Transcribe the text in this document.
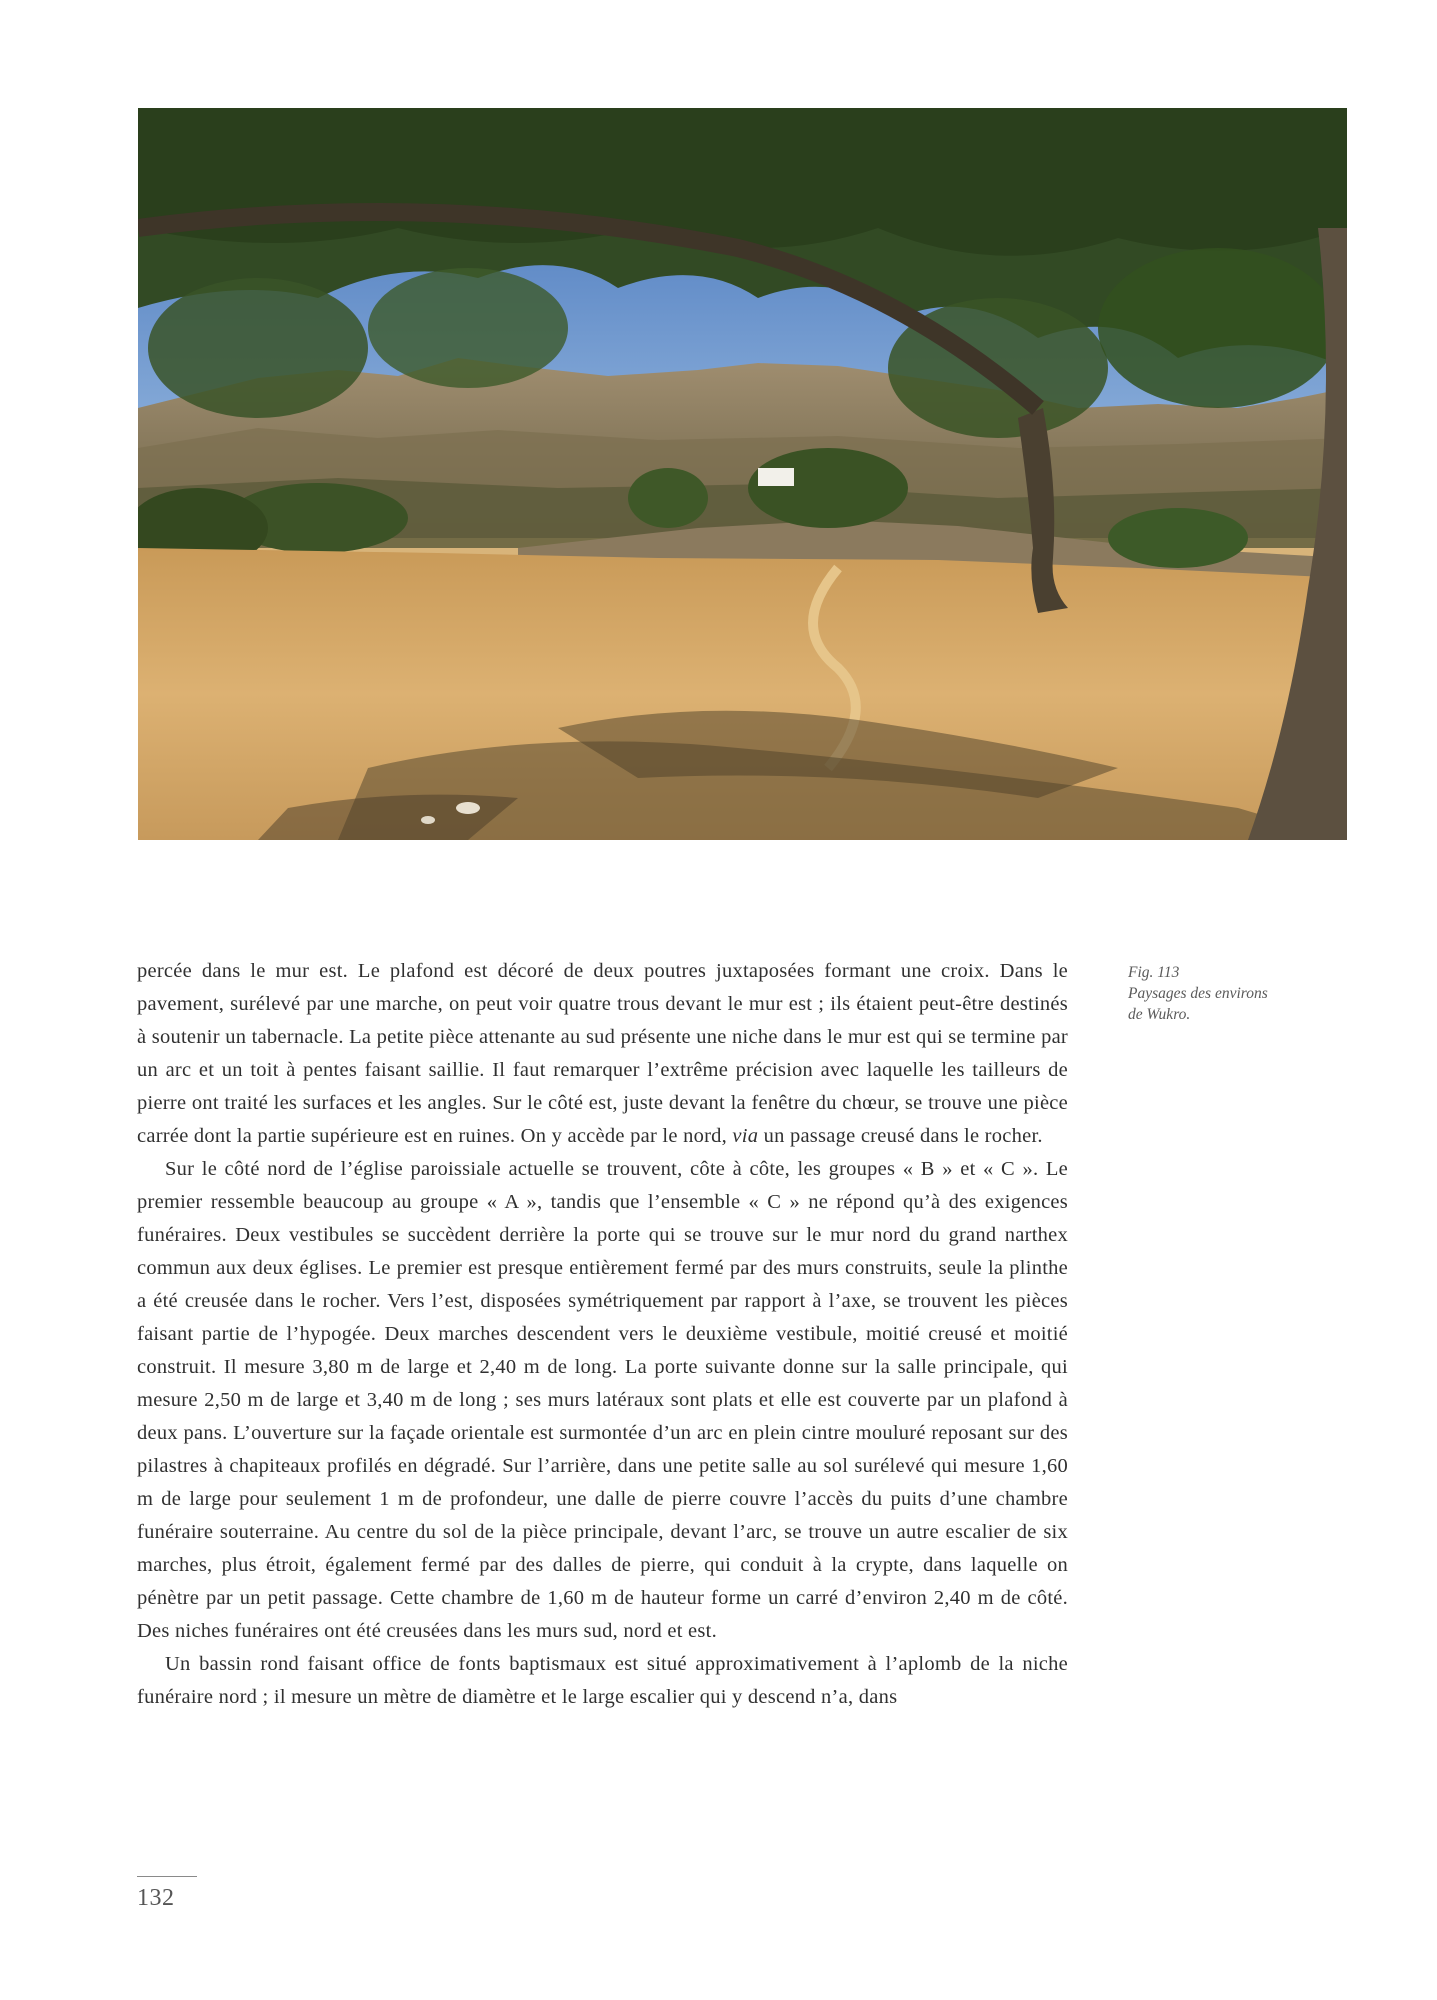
percée dans le mur est. Le plafond est décoré de deux poutres juxtaposées formant une croix. Dans le pavement, surélevé par une marche, on peut voir quatre trous devant le mur est ; ils étaient peut-être destinés à soutenir un tabernacle. La petite pièce attenante au sud présente une niche dans le mur est qui se termine par un arc et un toit à pentes faisant saillie. Il faut remarquer l’extrême précision avec laquelle les tailleurs de pierre ont traité les surfaces et les angles. Sur le côté est, juste devant la fenêtre du chœur, se trouve une pièce carrée dont la partie supérieure est en ruines. On y accède par le nord, via un passage creusé dans le rocher.

Sur le côté nord de l’église paroissiale actuelle se trouvent, côte à côte, les groupes « B » et « C ». Le premier ressemble beaucoup au groupe « A », tandis que l’ensemble « C » ne répond qu’à des exigences funéraires. Deux vestibules se succèdent derrière la porte qui se trouve sur le mur nord du grand narthex commun aux deux églises. Le premier est presque entièrement fermé par des murs construits, seule la plinthe a été creusée dans le rocher. Vers l’est, disposées symétriquement par rapport à l’axe, se trouvent les pièces faisant partie de l’hypogée. Deux marches descendent vers le deuxième vestibule, moitié creusé et moitié construit. Il mesure 3,80 m de large et 2,40 m de long. La porte suivante donne sur la salle principale, qui mesure 2,50 m de large et 3,40 m de long ; ses murs latéraux sont plats et elle est couverte par un plafond à deux pans. L’ouverture sur la façade orientale est surmontée d’un arc en plein cintre mouluré reposant sur des pilastres à chapiteaux profilés en dégradé. Sur l’arrière, dans une petite salle au sol surélevé qui mesure 1,60 m de large pour seulement 1 m de profondeur, une dalle de pierre couvre l’accès du puits d’une chambre funéraire souterraine. Au centre du sol de la pièce principale, devant l’arc, se trouve un autre escalier de six marches, plus étroit, également fermé par des dalles de pierre, qui conduit à la crypte, dans laquelle on pénètre par un petit passage. Cette chambre de 1,60 m de hauteur forme un carré d’environ 2,40 m de côté. Des niches funéraires ont été creusées dans les murs sud, nord et est.

Un bassin rond faisant office de fonts baptismaux est situé approximativement à l’aplomb de la niche funéraire nord ; il mesure un mètre de diamètre et le large escalier qui y descend n’a, dans

Fig. 113
Paysages des environs
de Wukro.
132
